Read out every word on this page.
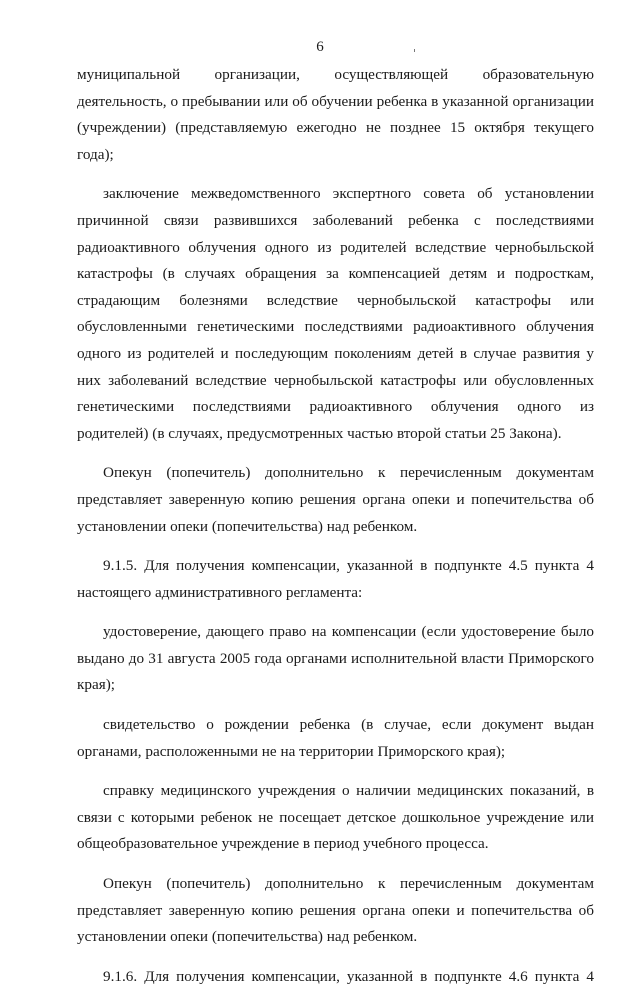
6

муниципальной организации, осуществляющей образовательную деятельность, о пребывании или об обучении ребенка в указанной организации (учреждении) (представляемую ежегодно не позднее 15 октября текущего года);

заключение межведомственного экспертного совета об установлении причинной связи развившихся заболеваний ребенка с последствиями радиоактивного облучения одного из родителей вследствие чернобыльской катастрофы (в случаях обращения за компенсацией детям и подросткам, страдающим болезнями вследствие чернобыльской катастрофы или обусловленными генетическими последствиями радиоактивного облучения одного из родителей и последующим поколениям детей в случае развития у них заболеваний вследствие чернобыльской катастрофы или обусловленных генетическими последствиями радиоактивного облучения одного из родителей) (в случаях, предусмотренных частью второй статьи 25 Закона).

Опекун (попечитель) дополнительно к перечисленным документам представляет заверенную копию решения органа опеки и попечительства об установлении опеки (попечительства) над ребенком.

9.1.5. Для получения компенсации, указанной в подпункте 4.5 пункта 4 настоящего административного регламента:

удостоверение, дающего право на компенсации (если удостоверение было выдано до 31 августа 2005 года органами исполнительной власти Приморского края);

свидетельство о рождении ребенка (в случае, если документ выдан органами, расположенными не на территории Приморского края);

справку медицинского учреждения о наличии медицинских показаний, в связи с которыми ребенок не посещает детское дошкольное учреждение или общеобразовательное учреждение в период учебного процесса.

Опекун (попечитель) дополнительно к перечисленным документам представляет заверенную копию решения органа опеки и попечительства об установлении опеки (попечительства) над ребенком.

9.1.6. Для получения компенсации, указанной в подпункте 4.6 пункта 4
